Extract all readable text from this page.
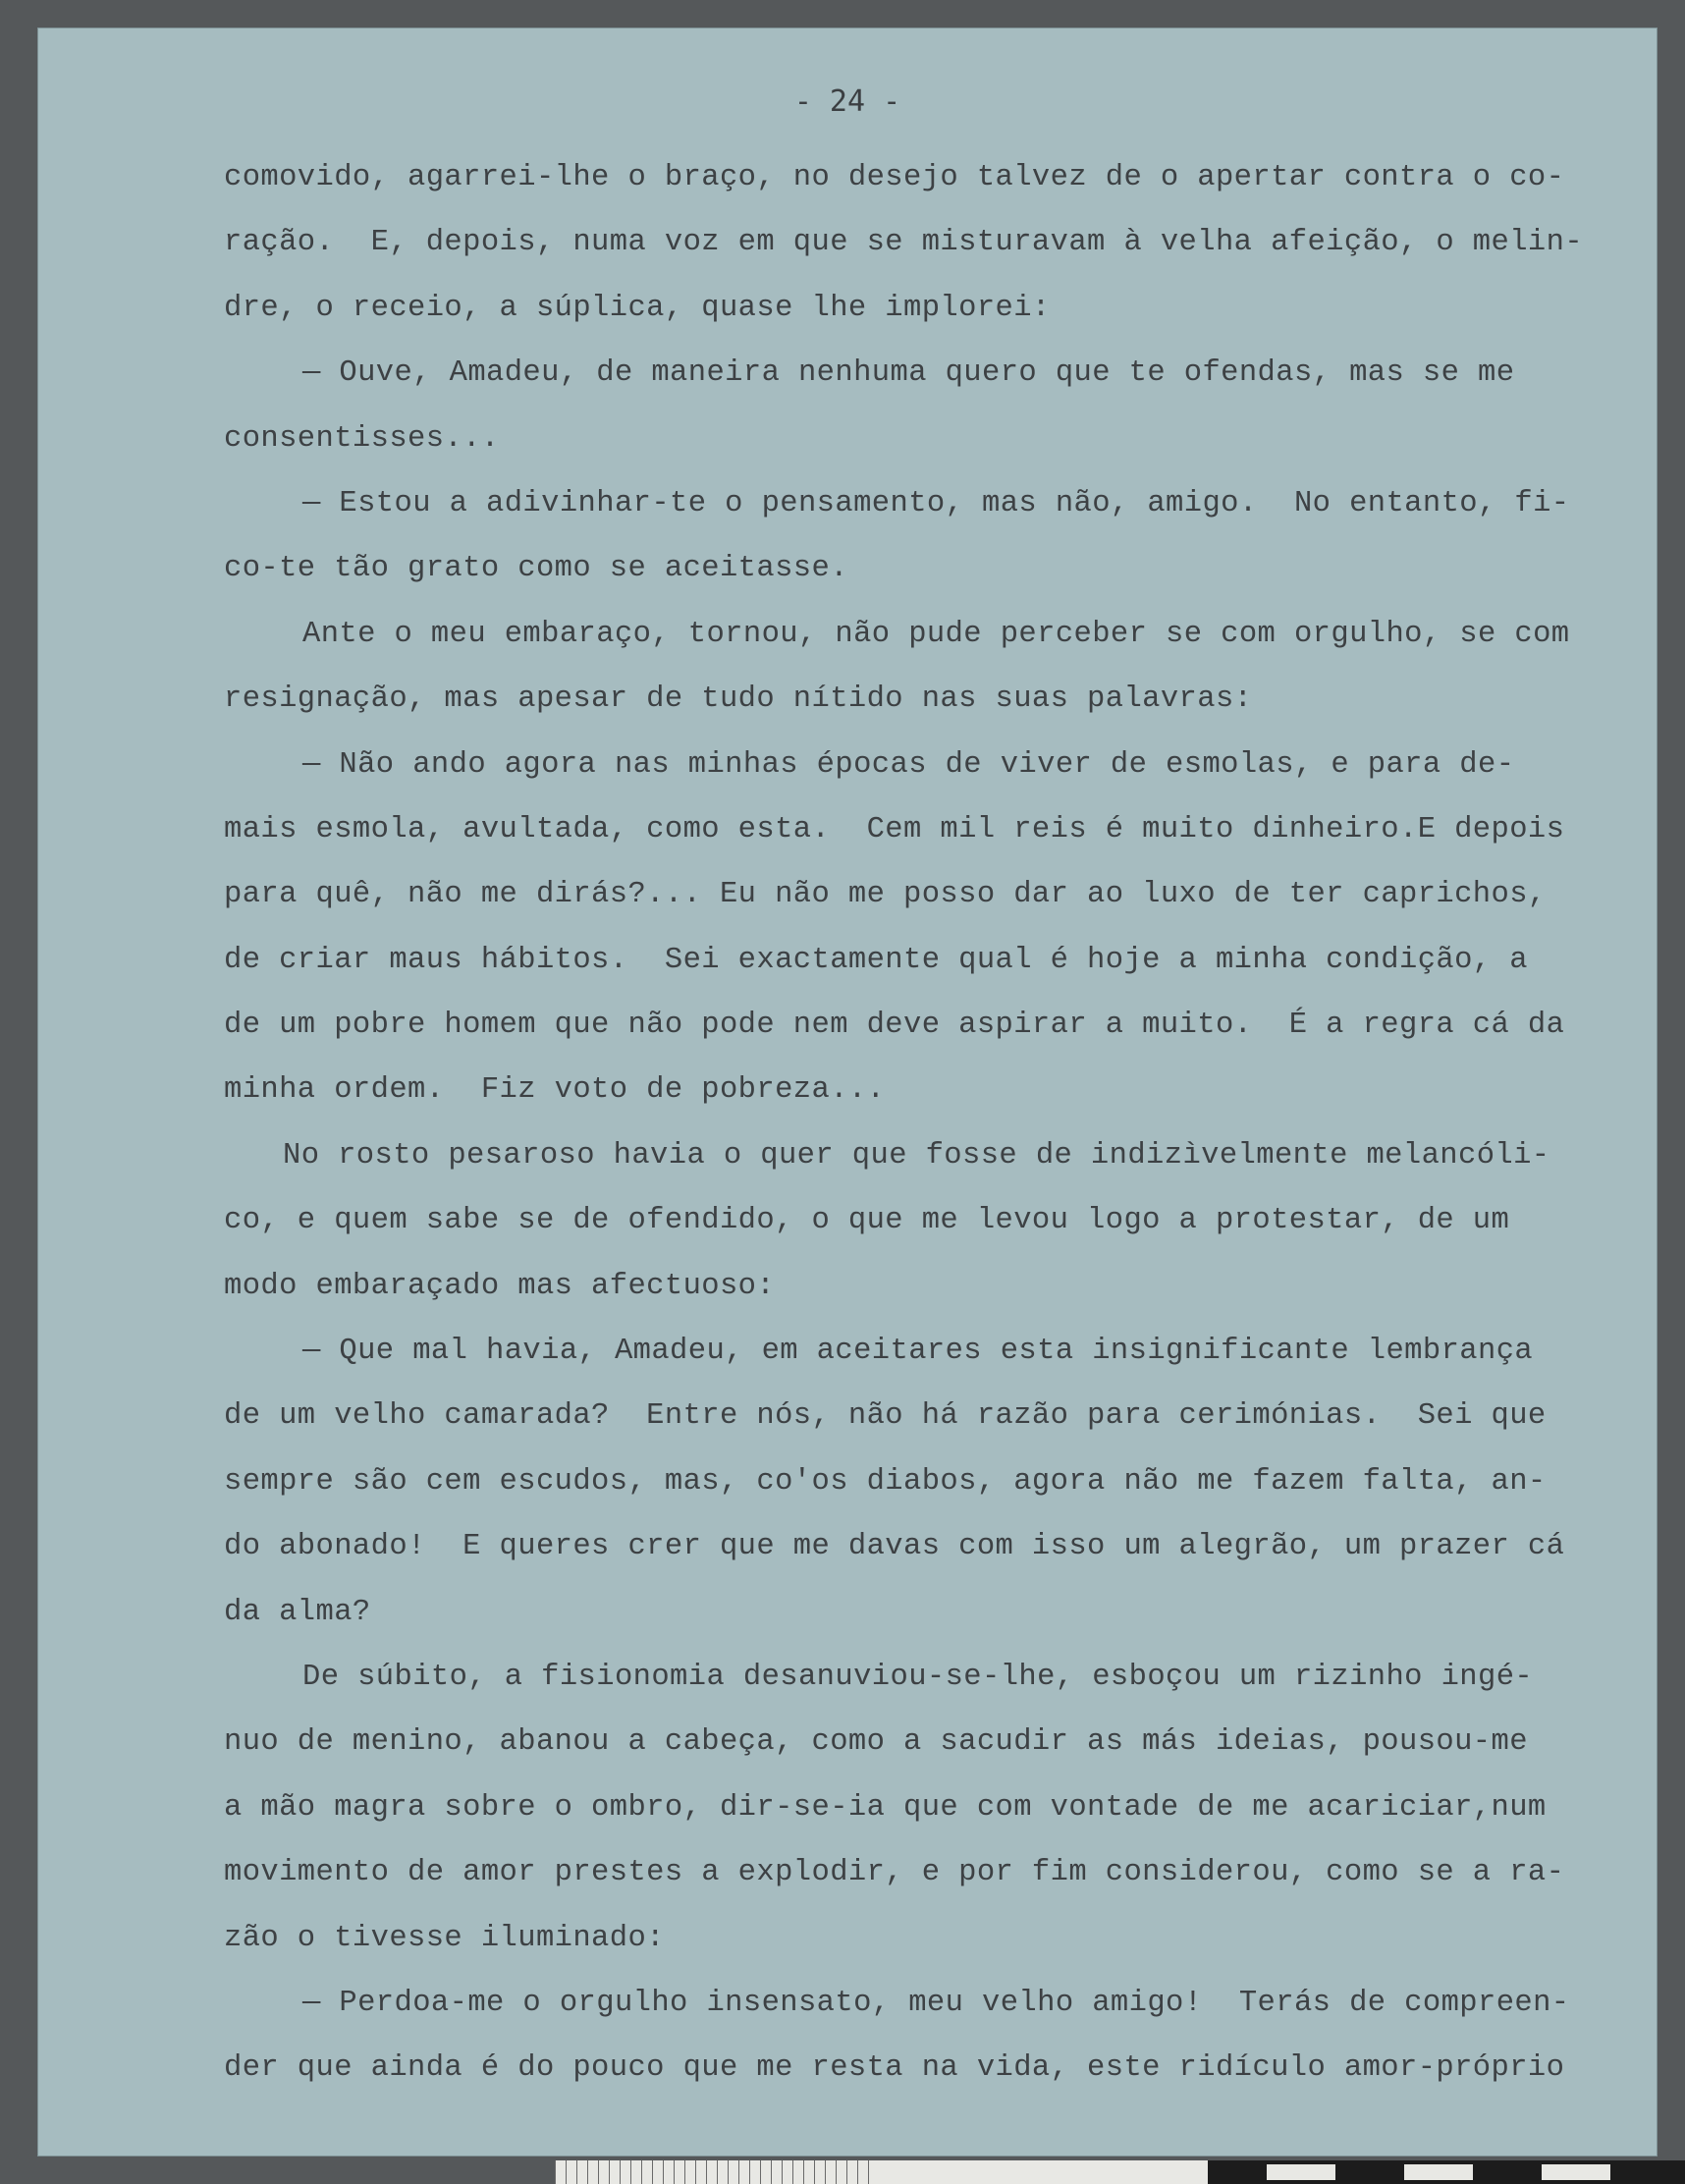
- 24 -
comovido, agarrei-lhe o braço, no desejo talvez de o apertar contra o co-
ração.  E, depois, numa voz em que se misturavam à velha afeição, o melin-
dre, o receio, a súplica, quase lhe implorei:
— Ouve, Amadeu, de maneira nenhuma quero que te ofendas, mas se me
consentisses...
— Estou a adivinhar-te o pensamento, mas não, amigo.  No entanto, fi-
co-te tão grato como se aceitasse.
Ante o meu embaraço, tornou, não pude perceber se com orgulho, se com
resignação, mas apesar de tudo nítido nas suas palavras:
— Não ando agora nas minhas épocas de viver de esmolas, e para de-
mais esmola, avultada, como esta.  Cem mil reis é muito dinheiro.E depois
para quê, não me dirás?... Eu não me posso dar ao luxo de ter caprichos,
de criar maus hábitos.  Sei exactamente qual é hoje a minha condição, a
de um pobre homem que não pode nem deve aspirar a muito.  É a regra cá da
minha ordem.  Fiz voto de pobreza...
No rosto pesaroso havia o quer que fosse de indizìvelmente melancóli-
co, e quem sabe se de ofendido, o que me levou logo a protestar, de um
modo embaraçado mas afectuoso:
— Que mal havia, Amadeu, em aceitares esta insignificante lembrança
de um velho camarada?  Entre nós, não há razão para cerimónias.  Sei que
sempre são cem escudos, mas, co'os diabos, agora não me fazem falta, an-
do abonado!  E queres crer que me davas com isso um alegrão, um prazer cá
da alma?
De súbito, a fisionomia desanuviou-se-lhe, esboçou um rizinho ingé-
nuo de menino, abanou a cabeça, como a sacudir as más ideias, pousou-me
a mão magra sobre o ombro, dir-se-ia que com vontade de me acariciar,num
movimento de amor prestes a explodir, e por fim considerou, como se a ra-
zão o tivesse iluminado:
— Perdoa-me o orgulho insensato, meu velho amigo!  Terás de compreen-
der que ainda é do pouco que me resta na vida, este ridículo amor-próprio
